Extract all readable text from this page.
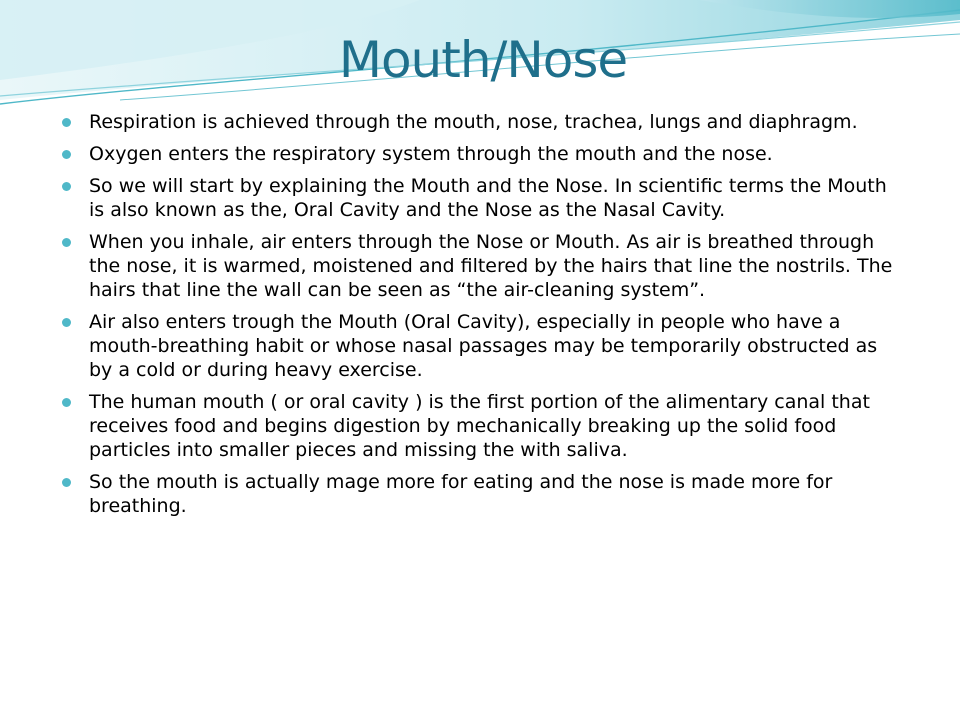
Mouth/Nose
Respiration is achieved through the mouth, nose, trachea, lungs and diaphragm.
Oxygen enters the respiratory system through the mouth and the nose.
So we will start by explaining the Mouth and the Nose. In scientific terms the Mouth is also known as the, Oral Cavity and the Nose as the Nasal Cavity.
When you inhale, air enters through the Nose or Mouth. As air is breathed through the nose, it is warmed, moistened and filtered by the hairs that line the nostrils. The hairs that line the wall can be seen as “the air-cleaning system”.
Air also enters trough the Mouth (Oral Cavity), especially in people who have a mouth-breathing habit or whose nasal passages may be temporarily obstructed as by a cold or during heavy exercise.
The human mouth ( or oral cavity ) is the first portion of the alimentary canal that receives food and begins digestion by mechanically breaking up the solid food particles into smaller pieces and missing the with saliva.
So the mouth is actually mage more for eating and the nose is made more for breathing.
